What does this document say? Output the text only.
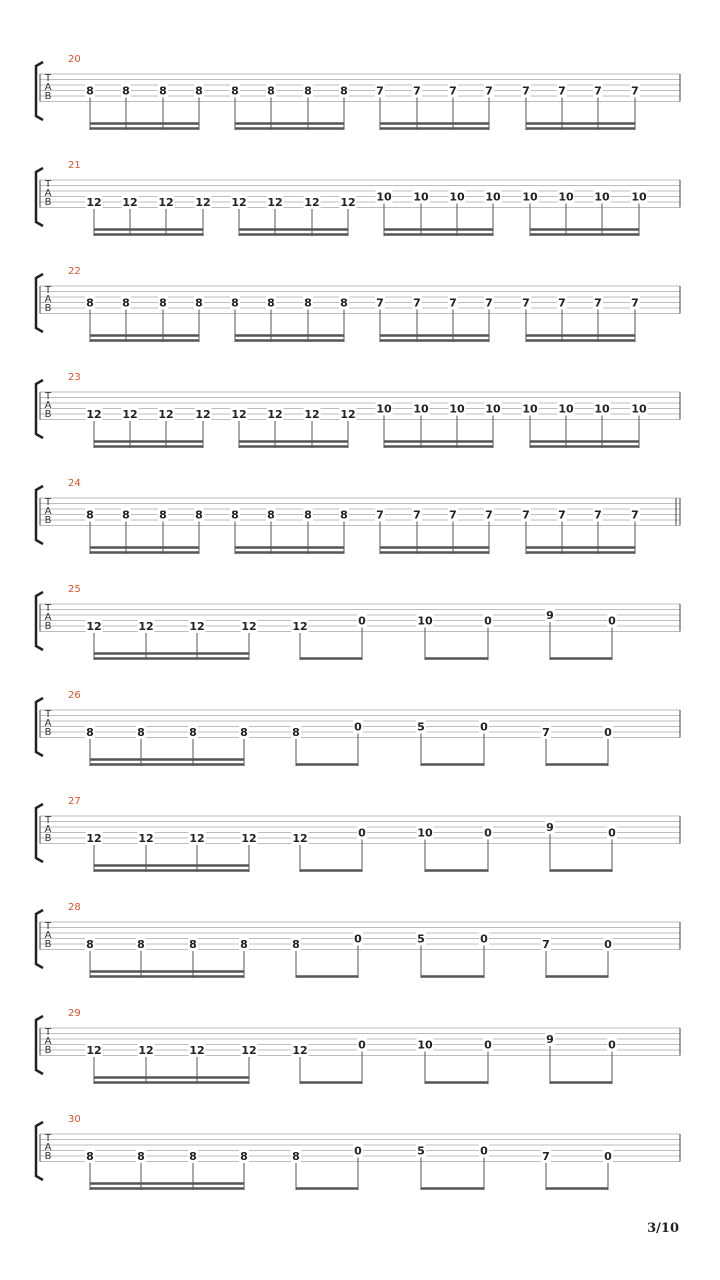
20
T
A
B	8	8	8	8	8	8	8	8	7	7	7	7	7	7	7	7
21
T
A
B	12 12 12 12 12 12 12 12 10 10 10 10 10 10 10 10
22
T
A
B	8	8	8	8	8	8	8	8	7	7	7	7	7	7	7	7
23
T
A
B	12 12 12 12 12 12 12 12 10 10 10 10 10 10 10 10
24
T
A
B	8	8	8	8	8	8	8	8	7	7	7	7	7	7	7	7
25
T
A
B	12	12	12	12	12	0	10	0	9	0
26
T
A
B	8	8	8	8	8	0	5	0	7	0
27
T
A
B	12	12	12	12	12	0	10	0	9	0
28
T
A
B	8	8	8	8	8	0	5	0	7	0
29
T
A
B	12	12	12	12	12	0	10	0	9	0
30
T
A
B	8	8	8	8	8	0	5	0	7	0
3/10
